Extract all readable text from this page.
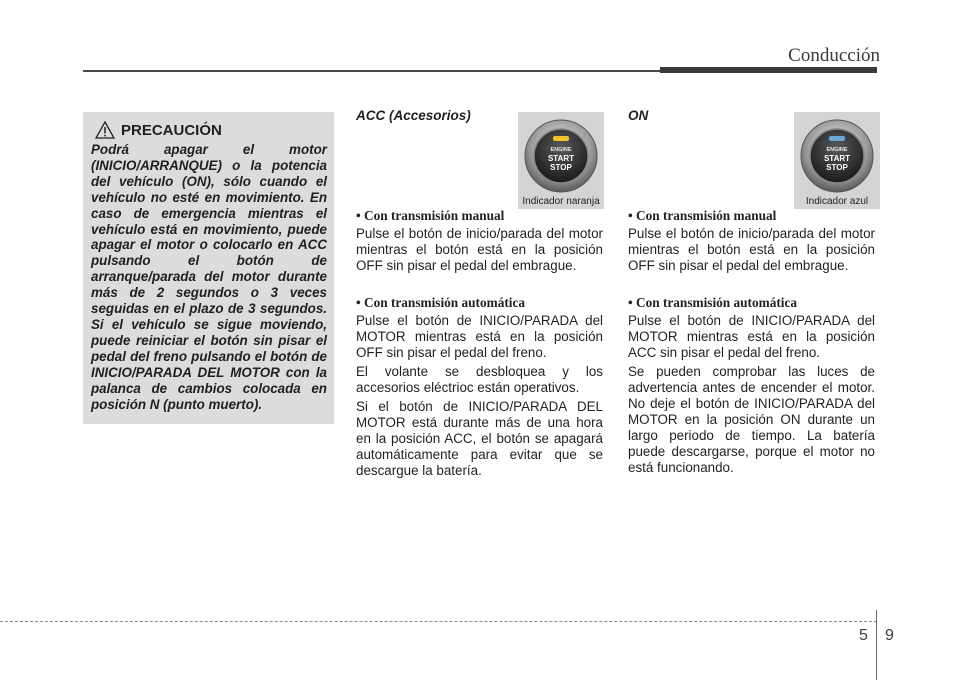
Conducción
PRECAUCIÓN

Podrá apagar el motor (INICIO/ARRANQUE) o la potencia del vehículo (ON), sólo cuando el vehículo no esté en movimiento. En caso de emergencia mientras el vehículo está en movimiento, puede apagar el motor o colocarlo en ACC pulsando el botón de arranque/parada del motor durante más de 2 segundos o 3 veces seguidas en el plazo de 3 segundos. Si el vehículo se sigue moviendo, puede reiniciar el botón sin pisar el pedal del freno pulsando el botón de INICIO/PARADA DEL MOTOR con la palanca de cambios colocada en posición N (punto muerto).

ACC (Accesorios)
ENGINE
START
STOP
Indicador naranja
• Con transmisión manual

Pulse el botón de inicio/parada del motor mientras el botón está en la posición OFF sin pisar el pedal del embrague.

• Con transmisión automática

Pulse el botón de INICIO/PARADA del MOTOR mientras está en la posición OFF sin pisar el pedal del freno.

El volante se desbloquea y los accesorios eléctrioc están operativos.

Si el botón de INICIO/PARADA DEL MOTOR está durante más de una hora en la posición ACC, el botón se apagará automáticamente para evitar que se descargue la batería.

ON
ENGINE
START
STOP
Indicador azul
• Con transmisión manual

Pulse el botón de inicio/parada del motor mientras el botón está en la posición OFF sin pisar el pedal del embrague.

• Con transmisión automática

Pulse el botón de INICIO/PARADA del MOTOR mientras está en la posición ACC sin pisar el pedal del freno.

Se pueden comprobar las luces de advertencia antes de encender el motor. No deje el botón de INICIO/PARADA del MOTOR en la posición ON durante un largo periodo de tiempo. La batería puede descargarse, porque el motor no está funcionando.

5 9
